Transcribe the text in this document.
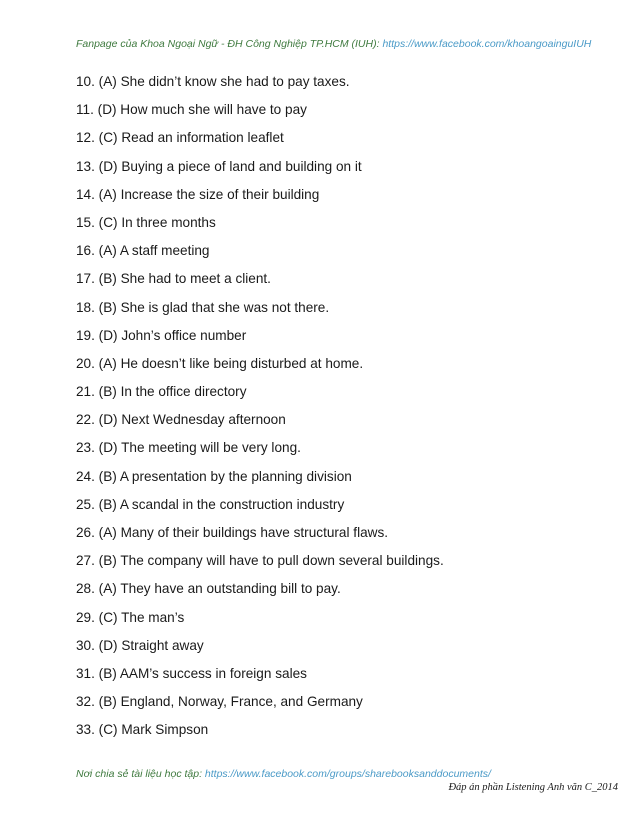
Fanpage của Khoa Ngoại Ngữ - ĐH Công Nghiệp TP.HCM (IUH): https://www.facebook.com/khoangoainguIUH
10. (A) She didn’t know she had to pay taxes.
11. (D) How much she will have to pay
12. (C) Read an information leaflet
13. (D) Buying a piece of land and building on it
14. (A) Increase the size of their building
15. (C) In three months
16. (A) A staff meeting
17. (B) She had to meet a client.
18. (B) She is glad that she was not there.
19. (D) John’s office number
20. (A) He doesn’t like being disturbed at home.
21. (B) In the office directory
22. (D) Next Wednesday afternoon
23. (D) The meeting will be very long.
24. (B) A presentation by the planning division
25. (B) A scandal in the construction industry
26. (A) Many of their buildings have structural flaws.
27. (B) The company will have to pull down several buildings.
28. (A) They have an outstanding bill to pay.
29. (C) The man’s
30. (D) Straight away
31. (B) AAM’s success in foreign sales
32. (B) England, Norway, France, and Germany
33. (C) Mark Simpson
Nơi chia sẻ tài liệu học tập: https://www.facebook.com/groups/sharebooksanddocuments/
Đáp án phần Listening Anh văn C_2014
